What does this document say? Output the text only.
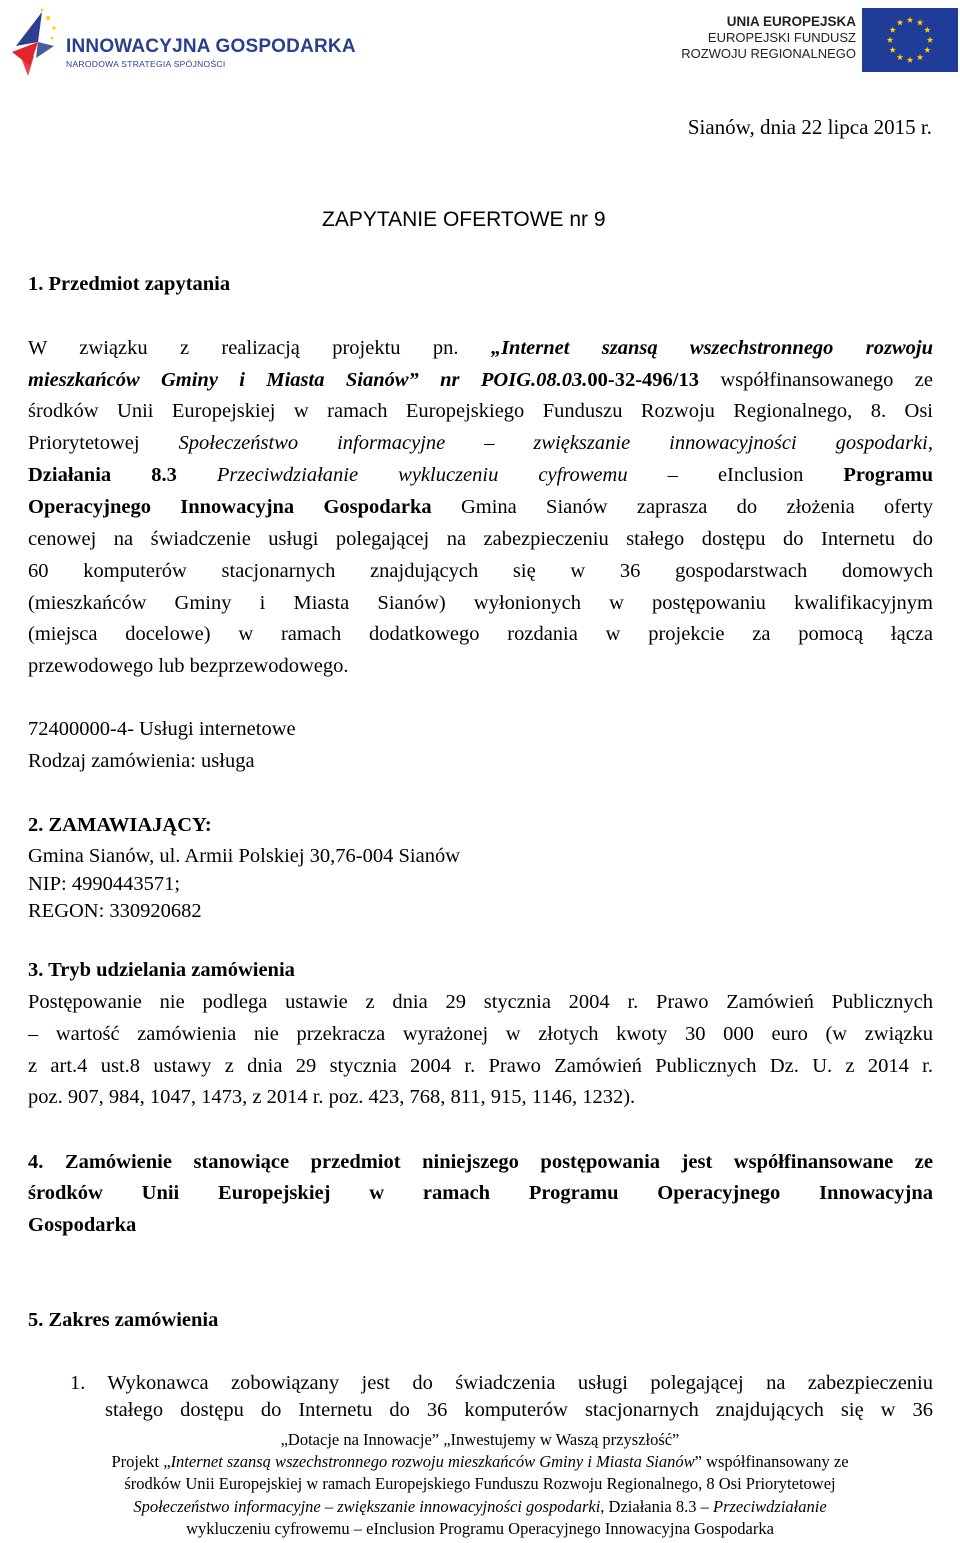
INNOWACYJNA GOSPODARKA
NARODOWA STRATEGIA SPÓJNOŚCI
UNIA EUROPEJSKA
EUROPEJSKI FUNDUSZ
ROZWOJU REGIONALNEGO
Sianów, dnia 22 lipca 2015 r.
ZAPYTANIE OFERTOWE nr 9
1. Przedmiot zapytania
W związku z realizacją projektu pn. „Internet szansą wszechstronnego rozwoju
mieszkańców Gminy i Miasta Sianów” nr POIG.08.03.00-32-496/13 współfinansowanego ze
środków Unii Europejskiej w ramach Europejskiego Funduszu Rozwoju Regionalnego, 8. Osi
Priorytetowej Społeczeństwo informacyjne – zwiększanie innowacyjności gospodarki,
Działania 8.3 Przeciwdziałanie wykluczeniu cyfrowemu – eInclusion Programu
Operacyjnego Innowacyjna Gospodarka Gmina Sianów zaprasza do złożenia oferty
cenowej na świadczenie usługi polegającej na zabezpieczeniu stałego dostępu do Internetu do
60 komputerów stacjonarnych znajdujących się w 36 gospodarstwach domowych
(mieszkańców Gminy i Miasta Sianów) wyłonionych w postępowaniu kwalifikacyjnym
(miejsca docelowe) w ramach dodatkowego rozdania w projekcie za pomocą łącza
przewodowego lub bezprzewodowego.
72400000-4- Usługi internetowe
Rodzaj zamówienia: usługa
2. ZAMAWIAJĄCY:
Gmina Sianów, ul. Armii Polskiej 30,76-004 Sianów
NIP: 4990443571;
REGON: 330920682
3. Tryb udzielania zamówienia
Postępowanie nie podlega ustawie z dnia 29 stycznia 2004 r. Prawo Zamówień Publicznych
– wartość zamówienia nie przekracza wyrażonej w złotych kwoty 30 000 euro (w związku
z art.4 ust.8 ustawy z dnia 29 stycznia 2004 r. Prawo Zamówień Publicznych Dz. U. z 2014 r.
poz. 907, 984, 1047, 1473, z 2014 r. poz. 423, 768, 811, 915, 1146, 1232).
4. Zamówienie stanowiące przedmiot niniejszego postępowania jest współfinansowane ze
środków Unii Europejskiej w ramach Programu Operacyjnego Innowacyjna
Gospodarka
5. Zakres zamówienia
1. Wykonawca zobowiązany jest do świadczenia usługi polegającej na zabezpieczeniu
stałego dostępu do Internetu do 36 komputerów stacjonarnych znajdujących się w 36
„Dotacje na Innowacje” „Inwestujemy w Waszą przyszłość”
Projekt „Internet szansą wszechstronnego rozwoju mieszkańców Gminy i Miasta Sianów” współfinansowany ze
środków Unii Europejskiej w ramach Europejskiego Funduszu Rozwoju Regionalnego, 8 Osi Priorytetowej
Społeczeństwo informacyjne – zwiększanie innowacyjności gospodarki, Działania 8.3 – Przeciwdziałanie
wykluczeniu cyfrowemu – eInclusion Programu Operacyjnego Innowacyjna Gospodarka
